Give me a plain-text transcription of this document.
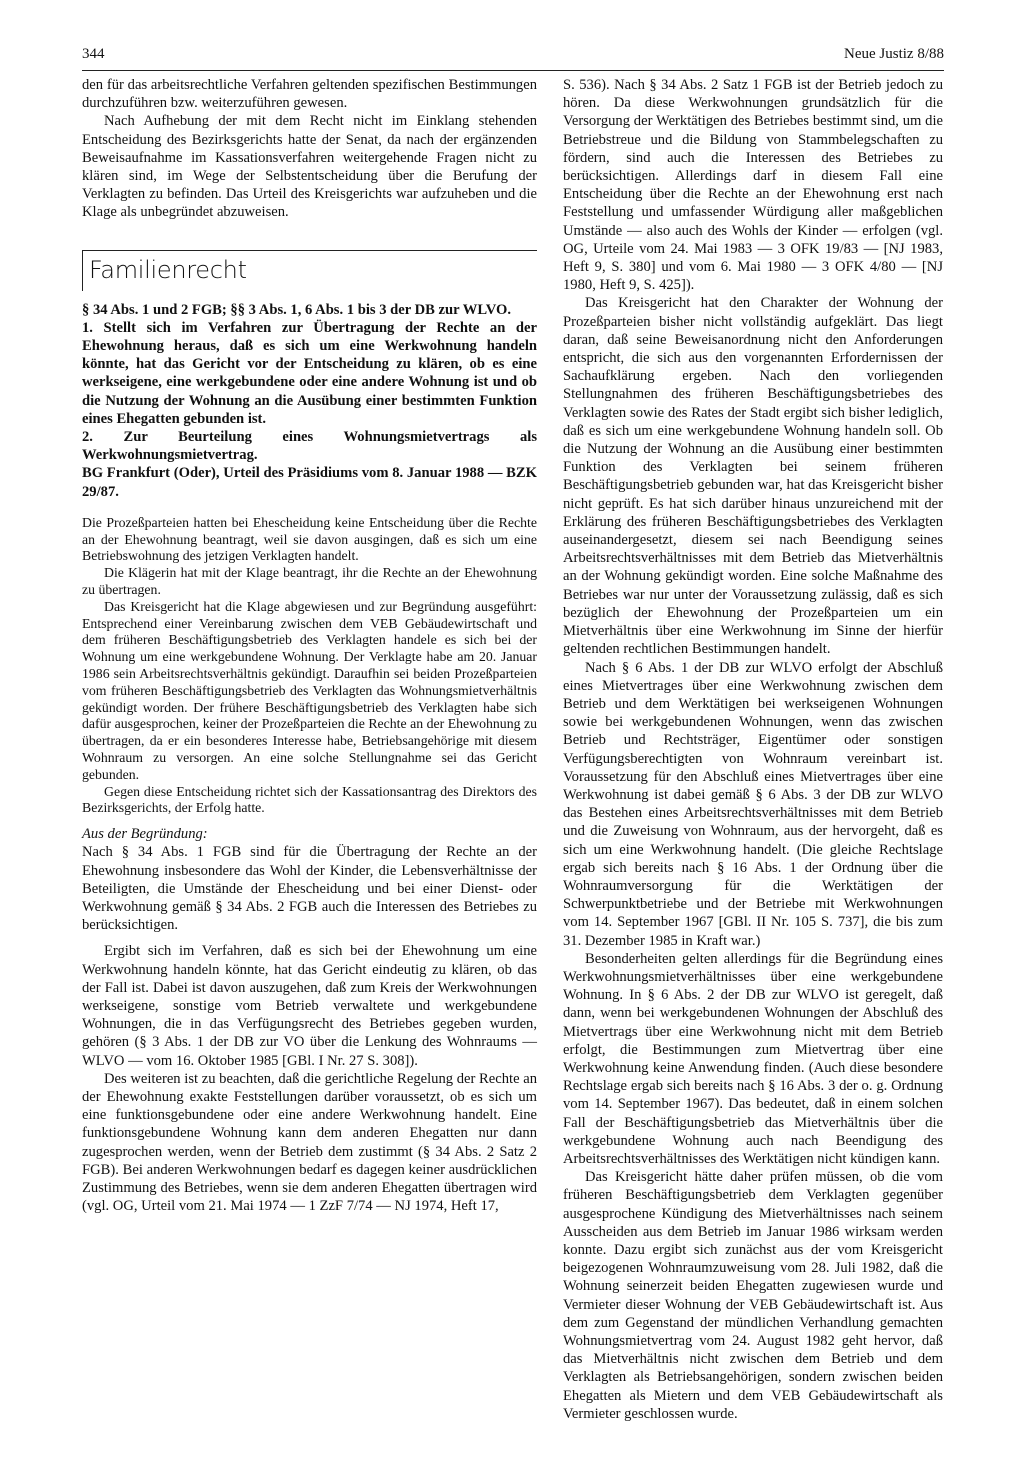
344	Neue Justiz 8/88

den für das arbeitsrechtliche Verfahren geltenden spezifischen Bestimmungen durchzuführen bzw. weiterzuführen gewesen.

Nach Aufhebung der mit dem Recht nicht im Einklang stehenden Entscheidung des Bezirksgerichts hatte der Senat, da nach der ergänzenden Beweisaufnahme im Kassationsverfahren weitergehende Fragen nicht zu klären sind, im Wege der Selbstentscheidung über die Berufung der Verklagten zu befinden. Das Urteil des Kreisgerichts war aufzuheben und die Klage als unbegründet abzuweisen.

Familienrecht

§ 34 Abs. 1 und 2 FGB; §§ 3 Abs. 1, 6 Abs. 1 bis 3 der DB zur WLVO.

1. Stellt sich im Verfahren zur Übertragung der Rechte an der Ehewohnung heraus, daß es sich um eine Werkwohnung handeln könnte, hat das Gericht vor der Entscheidung zu klären, ob es eine werkseigene, eine werkgebundene oder eine andere Wohnung ist und ob die Nutzung der Wohnung an die Ausübung einer bestimmten Funktion eines Ehegatten gebunden ist.

2. Zur Beurteilung eines Wohnungsmietvertrags als Werkwohnungsmietvertrag.

BG Frankfurt (Oder), Urteil des Präsidiums vom 8. Januar 1988 — BZK 29/87.

Die Prozeßparteien hatten bei Ehescheidung keine Entscheidung über die Rechte an der Ehewohnung beantragt, weil sie davon ausgingen, daß es sich um eine Betriebswohnung des jetzigen Verklagten handelt.

Die Klägerin hat mit der Klage beantragt, ihr die Rechte an der Ehewohnung zu übertragen.

Das Kreisgericht hat die Klage abgewiesen und zur Begründung ausgeführt: Entsprechend einer Vereinbarung zwischen dem VEB Gebäudewirtschaft und dem früheren Beschäftigungsbetrieb des Verklagten handele es sich bei der Wohnung um eine werkgebundene Wohnung. Der Verklagte habe am 20. Januar 1986 sein Arbeitsrechtsverhältnis gekündigt. Daraufhin sei beiden Prozeßparteien vom früheren Beschäftigungsbetrieb des Verklagten das Wohnungsmietverhältnis gekündigt worden. Der frühere Beschäftigungsbetrieb des Verklagten habe sich dafür ausgesprochen, keiner der Prozeßparteien die Rechte an der Ehewohnung zu übertragen, da er ein besonderes Interesse habe, Betriebsangehörige mit diesem Wohnraum zu versorgen. An eine solche Stellungnahme sei das Gericht gebunden.

Gegen diese Entscheidung richtet sich der Kassationsantrag des Direktors des Bezirksgerichts, der Erfolg hatte.

Aus der Begründung:

Nach § 34 Abs. 1 FGB sind für die Übertragung der Rechte an der Ehewohnung insbesondere das Wohl der Kinder, die Lebensverhältnisse der Beteiligten, die Umstände der Ehescheidung und bei einer Dienst- oder Werkwohnung gemäß § 34 Abs. 2 FGB auch die Interessen des Betriebes zu berücksichtigen.

Ergibt sich im Verfahren, daß es sich bei der Ehewohnung um eine Werkwohnung handeln könnte, hat das Gericht eindeutig zu klären, ob das der Fall ist. Dabei ist davon auszugehen, daß zum Kreis der Werkwohnungen werkseigene, sonstige vom Betrieb verwaltete und werkgebundene Wohnungen, die in das Verfügungsrecht des Betriebes gegeben wurden, gehören (§ 3 Abs. 1 der DB zur VO über die Lenkung des Wohnraums — WLVO — vom 16. Oktober 1985 [GBl. I Nr. 27 S. 308]).

Des weiteren ist zu beachten, daß die gerichtliche Regelung der Rechte an der Ehewohnung exakte Feststellungen darüber voraussetzt, ob es sich um eine funktionsgebundene oder eine andere Werkwohnung handelt. Eine funktionsgebundene Wohnung kann dem anderen Ehegatten nur dann zugesprochen werden, wenn der Betrieb dem zustimmt (§ 34 Abs. 2 Satz 2 FGB). Bei anderen Werkwohnungen bedarf es dagegen keiner ausdrücklichen Zustimmung des Betriebes, wenn sie dem anderen Ehegatten übertragen wird (vgl. OG, Urteil vom 21. Mai 1974 — 1 ZzF 7/74 — NJ 1974, Heft 17,

S. 536). Nach § 34 Abs. 2 Satz 1 FGB ist der Betrieb jedoch zu hören. Da diese Werkwohnungen grundsätzlich für die Versorgung der Werktätigen des Betriebes bestimmt sind, um die Betriebstreue und die Bildung von Stammbelegschaften zu fördern, sind auch die Interessen des Betriebes zu berücksichtigen. Allerdings darf in diesem Fall eine Entscheidung über die Rechte an der Ehewohnung erst nach Feststellung und umfassender Würdigung aller maßgeblichen Umstände — also auch des Wohls der Kinder — erfolgen (vgl. OG, Urteile vom 24. Mai 1983 — 3 OFK 19/83 — [NJ 1983, Heft 9, S. 380] und vom 6. Mai 1980 — 3 OFK 4/80 — [NJ 1980, Heft 9, S. 425]).

Das Kreisgericht hat den Charakter der Wohnung der Prozeßparteien bisher nicht vollständig aufgeklärt. Das liegt daran, daß seine Beweisanordnung nicht den Anforderungen entspricht, die sich aus den vorgenannten Erfordernissen der Sachaufklärung ergeben. Nach den vorliegenden Stellungnahmen des früheren Beschäftigungsbetriebes des Verklagten sowie des Rates der Stadt ergibt sich bisher lediglich, daß es sich um eine werkgebundene Wohnung handeln soll. Ob die Nutzung der Wohnung an die Ausübung einer bestimmten Funktion des Verklagten bei seinem früheren Beschäftigungsbetrieb gebunden war, hat das Kreisgericht bisher nicht geprüft. Es hat sich darüber hinaus unzureichend mit der Erklärung des früheren Beschäftigungsbetriebes des Verklagten auseinandergesetzt, diesem sei nach Beendigung seines Arbeitsrechtsverhältnisses mit dem Betrieb das Mietverhältnis an der Wohnung gekündigt worden. Eine solche Maßnahme des Betriebes war nur unter der Voraussetzung zulässig, daß es sich bezüglich der Ehewohnung der Prozeßparteien um ein Mietverhältnis über eine Werkwohnung im Sinne der hierfür geltenden rechtlichen Bestimmungen handelt.

Nach § 6 Abs. 1 der DB zur WLVO erfolgt der Abschluß eines Mietvertrages über eine Werkwohnung zwischen dem Betrieb und dem Werktätigen bei werkseigenen Wohnungen sowie bei werkgebundenen Wohnungen, wenn das zwischen Betrieb und Rechtsträger, Eigentümer oder sonstigen Verfügungsberechtigten von Wohnraum vereinbart ist. Voraussetzung für den Abschluß eines Mietvertrages über eine Werkwohnung ist dabei gemäß § 6 Abs. 3 der DB zur WLVO das Bestehen eines Arbeitsrechtsverhältnisses mit dem Betrieb und die Zuweisung von Wohnraum, aus der hervorgeht, daß es sich um eine Werkwohnung handelt. (Die gleiche Rechtslage ergab sich bereits nach § 16 Abs. 1 der Ordnung über die Wohnraumversorgung für die Werktätigen der Schwerpunktbetriebe und der Betriebe mit Werkwohnungen vom 14. September 1967 [GBl. II Nr. 105 S. 737], die bis zum 31. Dezember 1985 in Kraft war.)

Besonderheiten gelten allerdings für die Begründung eines Werkwohnungsmietverhältnisses über eine werkgebundene Wohnung. In § 6 Abs. 2 der DB zur WLVO ist geregelt, daß dann, wenn bei werkgebundenen Wohnungen der Abschluß des Mietvertrags über eine Werkwohnung nicht mit dem Betrieb erfolgt, die Bestimmungen zum Mietvertrag über eine Werkwohnung keine Anwendung finden. (Auch diese besondere Rechtslage ergab sich bereits nach § 16 Abs. 3 der o. g. Ordnung vom 14. September 1967). Das bedeutet, daß in einem solchen Fall der Beschäftigungsbetrieb das Mietverhältnis über die werkgebundene Wohnung auch nach Beendigung des Arbeitsrechtsverhältnisses des Werktätigen nicht kündigen kann.

Das Kreisgericht hätte daher prüfen müssen, ob die vom früheren Beschäftigungsbetrieb dem Verklagten gegenüber ausgesprochene Kündigung des Mietverhältnisses nach seinem Ausscheiden aus dem Betrieb im Januar 1986 wirksam werden konnte. Dazu ergibt sich zunächst aus der vom Kreisgericht beigezogenen Wohnraumzuweisung vom 28. Juli 1982, daß die Wohnung seinerzeit beiden Ehegatten zugewiesen wurde und Vermieter dieser Wohnung der VEB Gebäudewirtschaft ist. Aus dem zum Gegenstand der mündlichen Verhandlung gemachten Wohnungsmietvertrag vom 24. August 1982 geht hervor, daß das Mietverhältnis nicht zwischen dem Betrieb und dem Verklagten als Betriebsangehörigen, sondern zwischen beiden Ehegatten als Mietern und dem VEB Gebäudewirtschaft als Vermieter geschlossen wurde.
